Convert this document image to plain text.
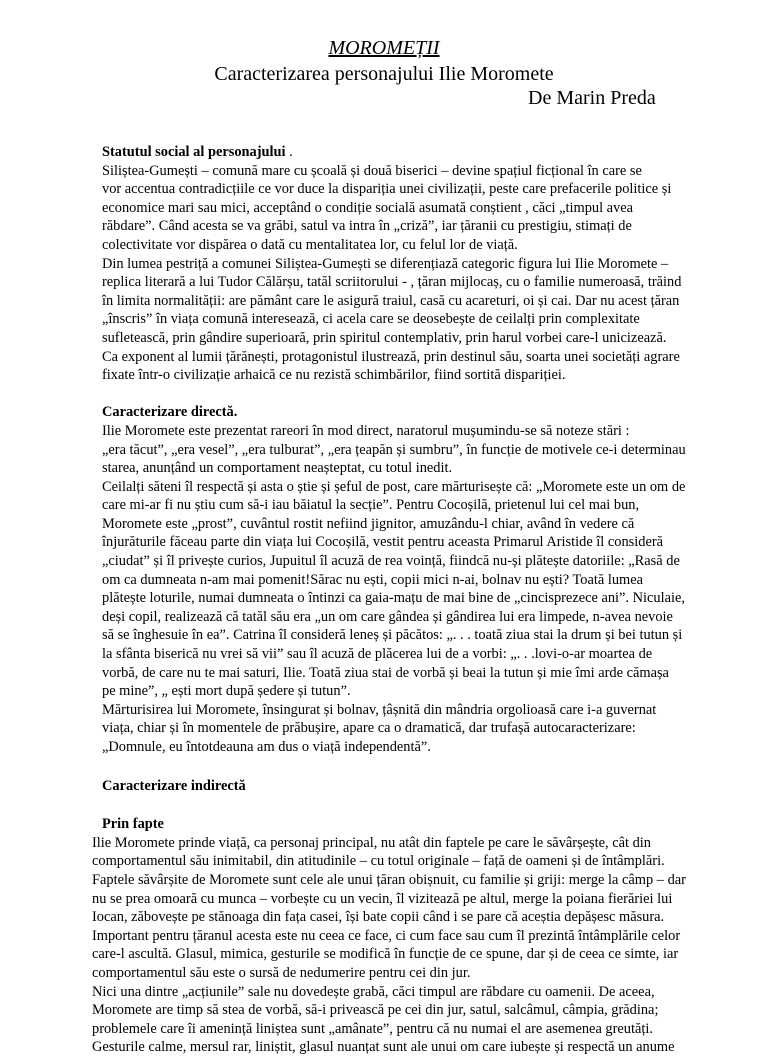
MOROMEȚII
Caracterizarea personajului Ilie Moromete
De Marin Preda
Statutul social al personajului .
Siliștea-Gumești – comună mare cu școală și două biserici – devine spațiul ficțional în care se
vor accentua contradicțiile ce vor duce la dispariția unei civilizații, peste care prefacerile politice și
economice mari sau mici, acceptând o condiție socială asumată conștient , căci „timpul avea
răbdare”. Când acesta se va grăbi, satul va intra în „criză”, iar țăranii cu prestigiu, stimați de
colectivitate vor dispărea o dată cu mentalitatea lor, cu felul lor de viață.
Din lumea pestriță a comunei Siliștea-Gumești se diferențiază categoric figura lui Ilie Moromete –
replica literară a lui Tudor Călărșu, tatăl scriitorului - , țăran mijlocaș, cu o familie numeroasă, trăind
în limita normalității: are pământ care le asigură traiul, casă cu acareturi, oi și cai. Dar nu acest țăran
„înscris” în viața comună interesează, ci acela care se deosebește de ceilalți prin complexitate
sufletească, prin gândire superioară, prin spiritul contemplativ, prin harul vorbei care-l unicizează.
Ca exponent al lumii țărănești, protagonistul ilustrează, prin destinul său, soarta unei societăți agrare
fixate într-o civilizație arhaică ce nu rezistă schimbărilor, fiind sortită dispariției.
Caracterizare directă.
Ilie Moromete este prezentat rareori în mod direct, naratorul mușumindu-se să noteze stări :
„era tăcut”, „era vesel”, „era tulburat”, „era țeapăn și sumbru”, în funcție de motivele ce-i determinau
starea, anunțând un comportament neașteptat, cu totul inedit.
Ceilalți săteni îl respectă și asta o știe și șeful de post, care mărturisește că: „Moromete este un om de
care mi-ar fi nu știu cum să-i iau băiatul la secție”. Pentru Cocoșilă, prietenul lui cel mai bun,
Moromete este „prost”, cuvântul rostit nefiind jignitor, amuzându-l chiar, având în vedere că
înjurăturile făceau parte din viața lui Cocoșilă, vestit pentru aceasta Primarul Aristide îl consideră
„ciudat” și îl privește curios, Jupuitul îl acuză de rea voință, fiindcă nu-și plătește datoriile: „Rasă de
om ca dumneata n-am mai pomenit!Sărac nu ești, copii mici n-ai, bolnav nu ești? Toată lumea
plătește loturile, numai dumneata o întinzi ca gaia-mațu de mai bine de „cincisprezece ani”. Niculaie,
deși copil, realizează că tatăl său era „un om care gândea și gândirea lui era limpede, n-avea nevoie
să se înghesuie în ea”. Catrina îl consideră leneș și păcătos: „. . . toată ziua stai la drum și bei tutun și
la sfânta biserică nu vrei să vii” sau îl acuză de plăcerea lui de a vorbi: „. . .lovi-o-ar moartea de
vorbă, de care nu te mai saturi, Ilie. Toată ziua stai de vorbă și beai la tutun și mie îmi arde cămașa
pe mine”, „ ești mort după ședere și tutun”.
Mărturisirea lui Moromete, însingurat și bolnav, țâșnită din mândria orgolioasă care i-a guvernat
viața, chiar și în momentele de prăbușire, apare ca o dramatică, dar trufașă autocaracterizare:
„Domnule, eu întotdeauna am dus o viață independentă”.
Caracterizare indirectă
Prin fapte
Ilie Moromete prinde viață, ca personaj principal, nu atât din faptele pe care le săvârșește, cât din
comportamentul său inimitabil, din atitudinile – cu totul originale – față de oameni și de întâmplări.
Faptele săvârșite de Moromete sunt cele ale unui țăran obișnuit, cu familie și griji: merge la câmp – dar
nu se prea omoară cu munca – vorbește cu un vecin, îl vizitează pe altul, merge la poiana fierăriei lui
Iocan, zăbovește pe stănoaga din fața casei, își bate copii când i se pare că aceștia depășesc măsura.
Important pentru țăranul acesta este nu ceea ce face, ci cum face sau cum îl prezintă întâmplările celor
care-l ascultă. Glasul, mimica, gesturile se modifică în funcție de ce spune, dar și de ceea ce simte, iar
comportamentul său este o sursă de nedumerire pentru cei din jur.
Nici una dintre „acțiunile” sale nu dovedește grabă, căci timpul are răbdare cu oamenii. De aceea,
Moromete are timp să stea de vorbă, să-i privească pe cei din jur, satul, salcâmul, câmpia, grădina;
problemele care îi amenință liniștea sunt „amânate”, pentru că nu numai el are asemenea greutăți.
Gesturile calme, mersul rar, liniștit, glasul nuanțat sunt ale unui om care iubește și respectă un anume
